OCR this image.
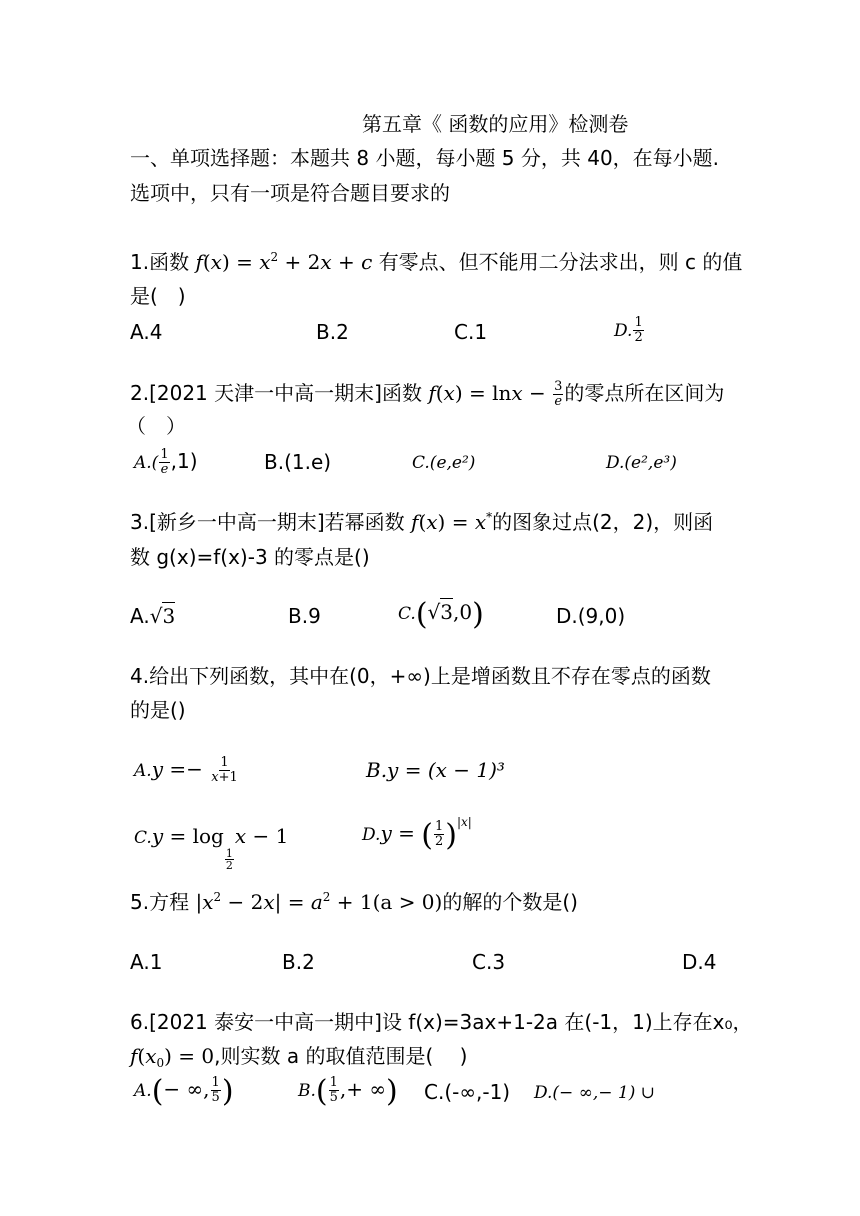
第五章《 函数的应用》检测卷
一、单项选择题：本题共 8 小题，每小题 5 分，共 40，在每小题.
选项中，只有一项是符合题目要求的
1.函数 $f(x) = x^2 + 2x + c$ 有零点、但不能用二分法求出，则 c 的值
是(　)
A.4	B.2	C.1	D. $\frac{1}{2}$
2.[2021 天津一中高一期末]函数 $f(x) = \ln x - \frac{3}{e}$ 的零点所在区间为
（　）
$A.( \frac{1}{e} ,1)$	B.(1.e)	C.(e,e²)	D.(e²,e³)
3.[新乡一中高一期末]若幂函数 f(x) = x*的图象过点(2，2)，则函
数 g(x)=f(x)-3 的零点是()
A.√3	B.9	C.(√3,0)	D.(9,0)
4.给出下列函数，其中在(0，+∞)上是增函数且不存在零点的函数
的是()
$A.y =- \frac{1}{x+1}$	B.y = (x − 1)³
C.y = log
$_{\frac{1}{2}}$
x − 1	D.y = ( $\frac{1}{2} )^{|x|}$
5.方程 $|x^2 - 2x| = a^2 + 1(a > 0)$的解的个数是()
A.1	B.2	C.3	D.4
6.[2021 泰安一中高一期中]设 f(x)=3ax+1-2a 在(-1，1)上存在x₀，
$f(x_0) = 0$,则实数 a 的取值范围是(　 )
A.(− ∞, $\frac{1}{5}$ )	$B.( \frac{1}{5}$ ,+ ∞) C.(-∞,-1) D.(− ∞,− 1) ∪
